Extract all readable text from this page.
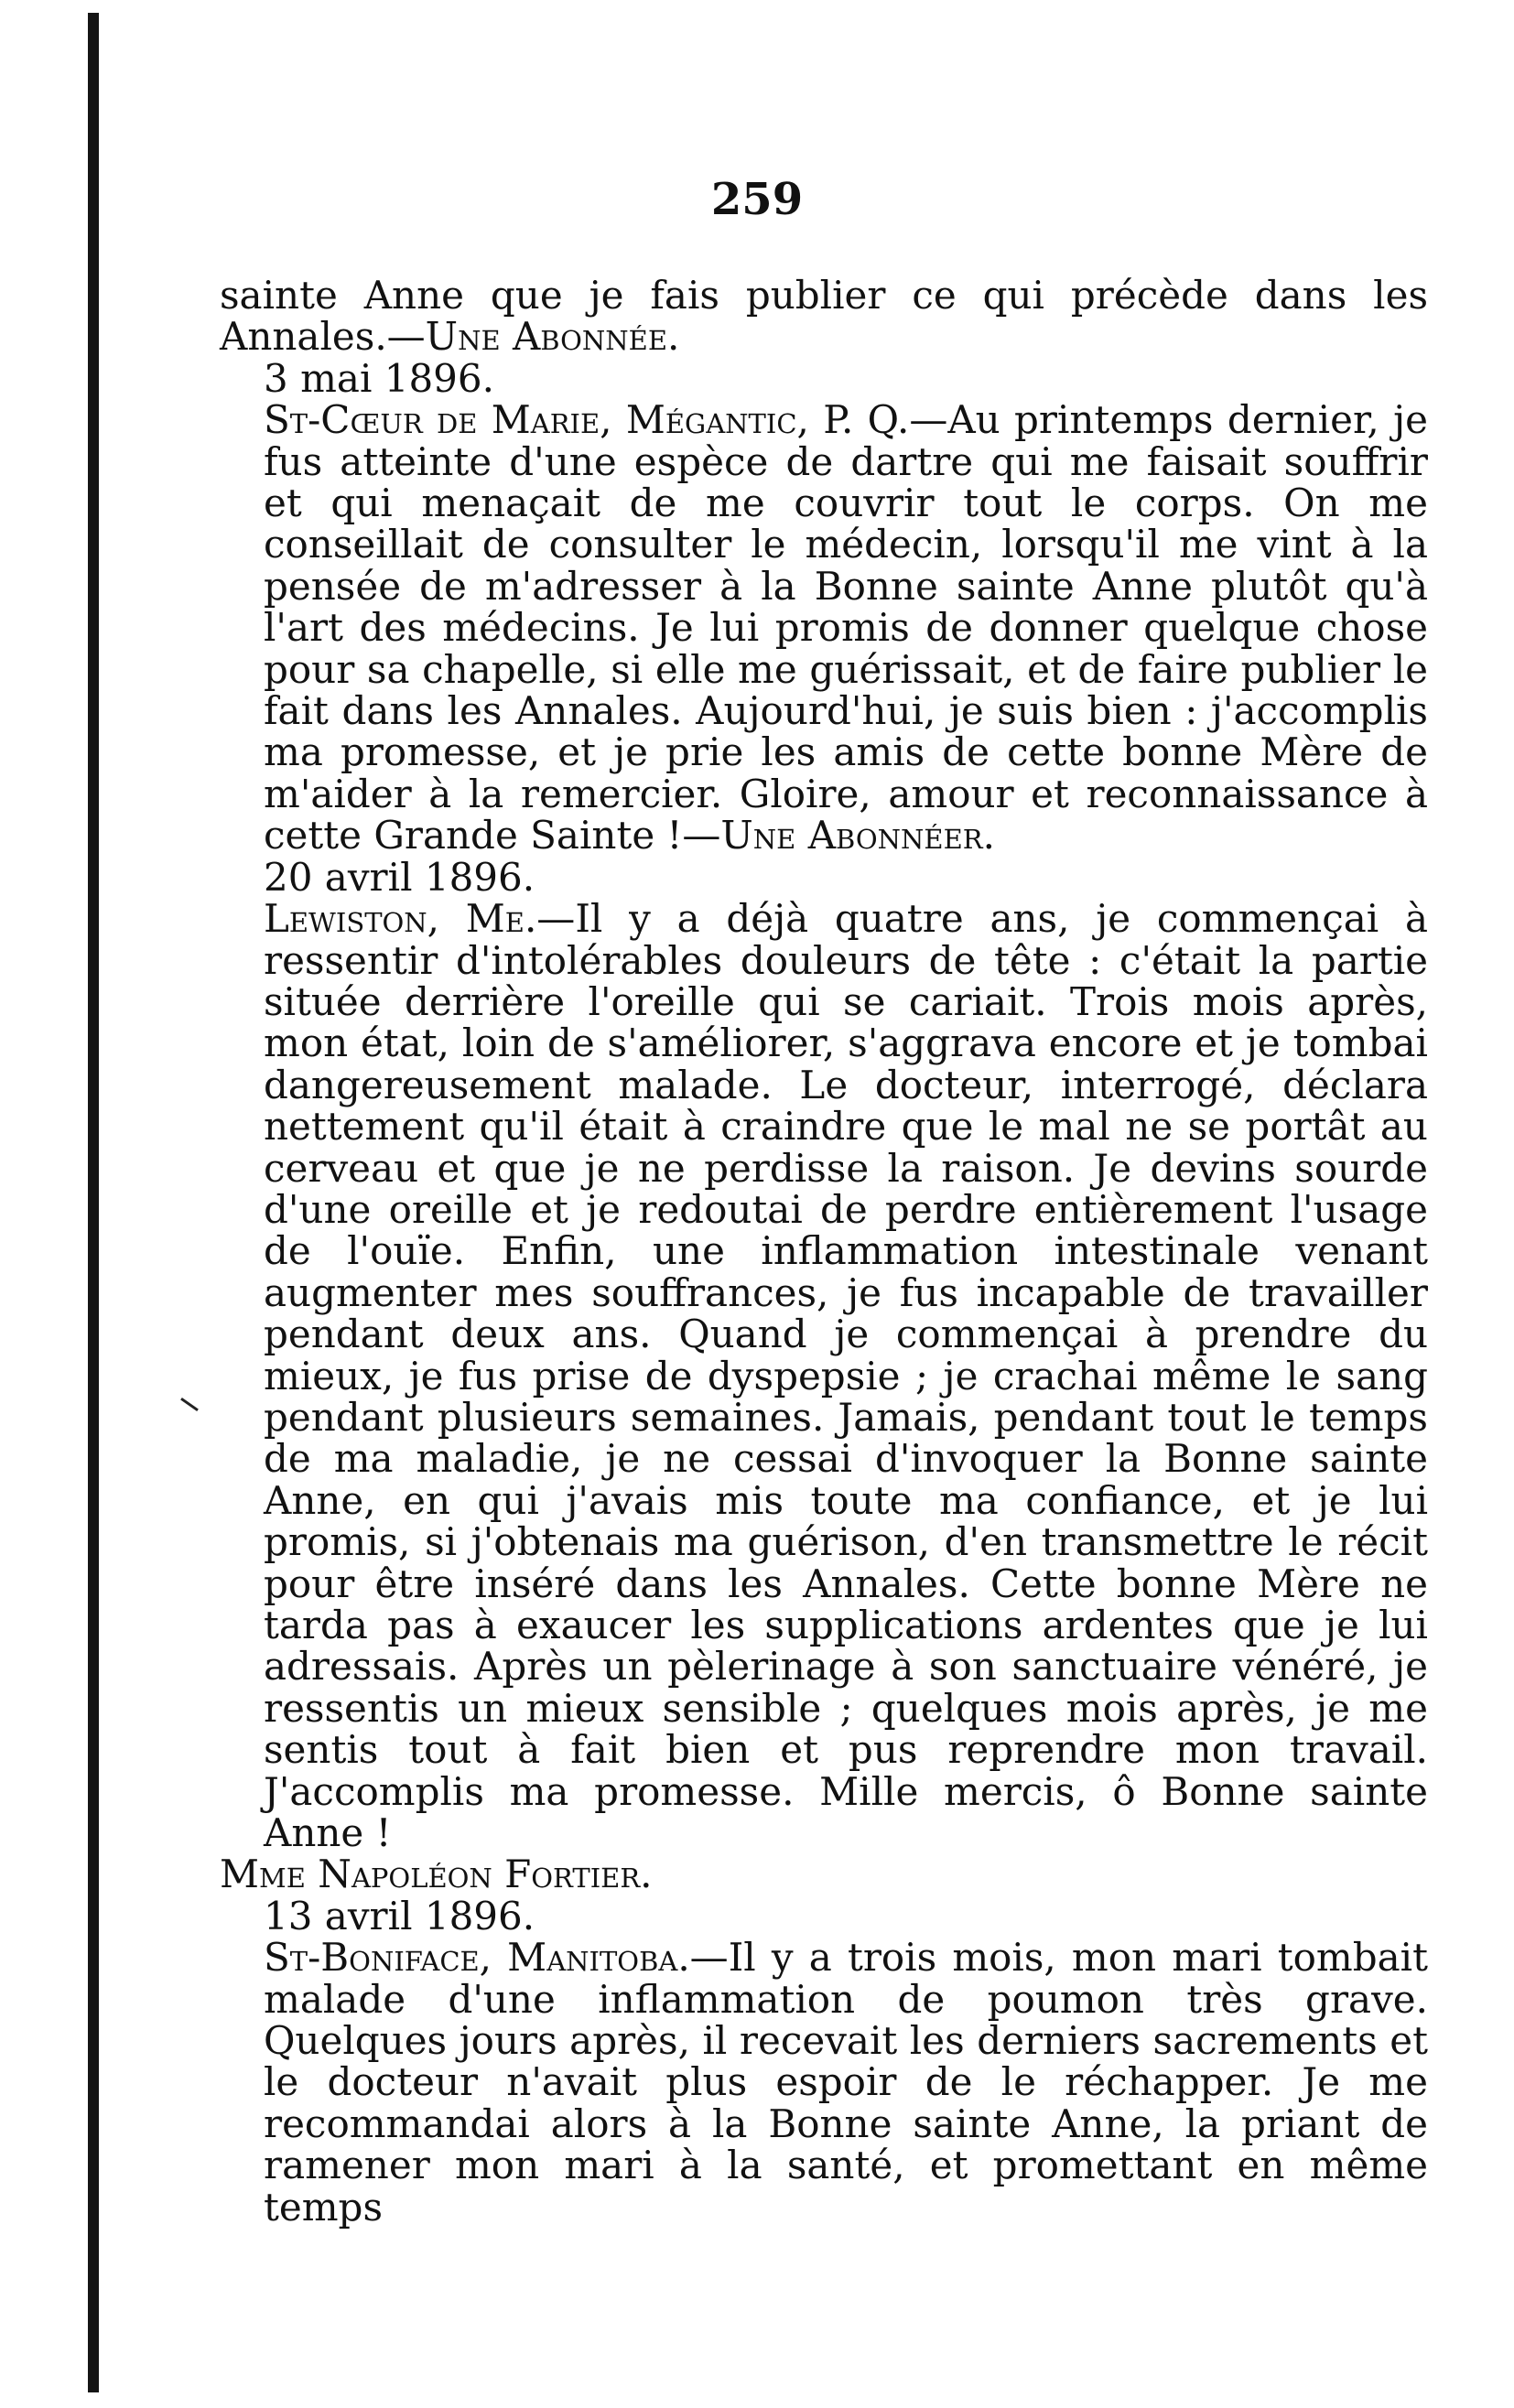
259

sainte Anne que je fais publier ce qui précède dans les Annales.—Une Abonnée.

3 mai 1896.

St-Cœur de Marie, Mégantic, P. Q.—Au printemps dernier, je fus atteinte d'une espèce de dartre qui me faisait souffrir et qui menaçait de me couvrir tout le corps. On me conseillait de consulter le médecin, lorsqu'il me vint à la pensée de m'adresser à la Bonne sainte Anne plutôt qu'à l'art des médecins. Je lui promis de donner quelque chose pour sa chapelle, si elle me guérissait, et de faire publier le fait dans les Annales. Aujourd'hui, je suis bien : j'accomplis ma promesse, et je prie les amis de cette bonne Mère de m'aider à la remercier. Gloire, amour et reconnaissance à cette Grande Sainte !—Une Abonnéer.

20 avril 1896.

Lewiston, Me.—Il y a déjà quatre ans, je commençai à ressentir d'intolérables douleurs de tête : c'était la partie située derrière l'oreille qui se cariait. Trois mois après, mon état, loin de s'améliorer, s'aggrava encore et je tombai dangereusement malade. Le docteur, interrogé, déclara nettement qu'il était à craindre que le mal ne se portât au cerveau et que je ne perdisse la raison. Je devins sourde d'une oreille et je redoutai de perdre entièrement l'usage de l'ouïe. Enfin, une inflammation intestinale venant augmenter mes souffrances, je fus incapable de travailler pendant deux ans. Quand je commençai à prendre du mieux, je fus prise de dyspepsie ; je crachai même le sang pendant plusieurs semaines. Jamais, pendant tout le temps de ma maladie, je ne cessai d'invoquer la Bonne sainte Anne, en qui j'avais mis toute ma confiance, et je lui promis, si j'obtenais ma guérison, d'en transmettre le récit pour être inséré dans les Annales. Cette bonne Mère ne tarda pas à exaucer les supplications ardentes que je lui adressais. Après un pèlerinage à son sanctuaire vénéré, je ressentis un mieux sensible ; quelques mois après, je me sentis tout à fait bien et pus reprendre mon travail. J'accomplis ma promesse. Mille mercis, ô Bonne sainte Anne !

Mme Napoléon Fortier.

13 avril 1896.

St-Boniface, Manitoba.—Il y a trois mois, mon mari tombait malade d'une inflammation de poumon très grave. Quelques jours après, il recevait les derniers sacrements et le docteur n'avait plus espoir de le réchapper. Je me recommandai alors à la Bonne sainte Anne, la priant de ramener mon mari à la santé, et promettant en même temps
